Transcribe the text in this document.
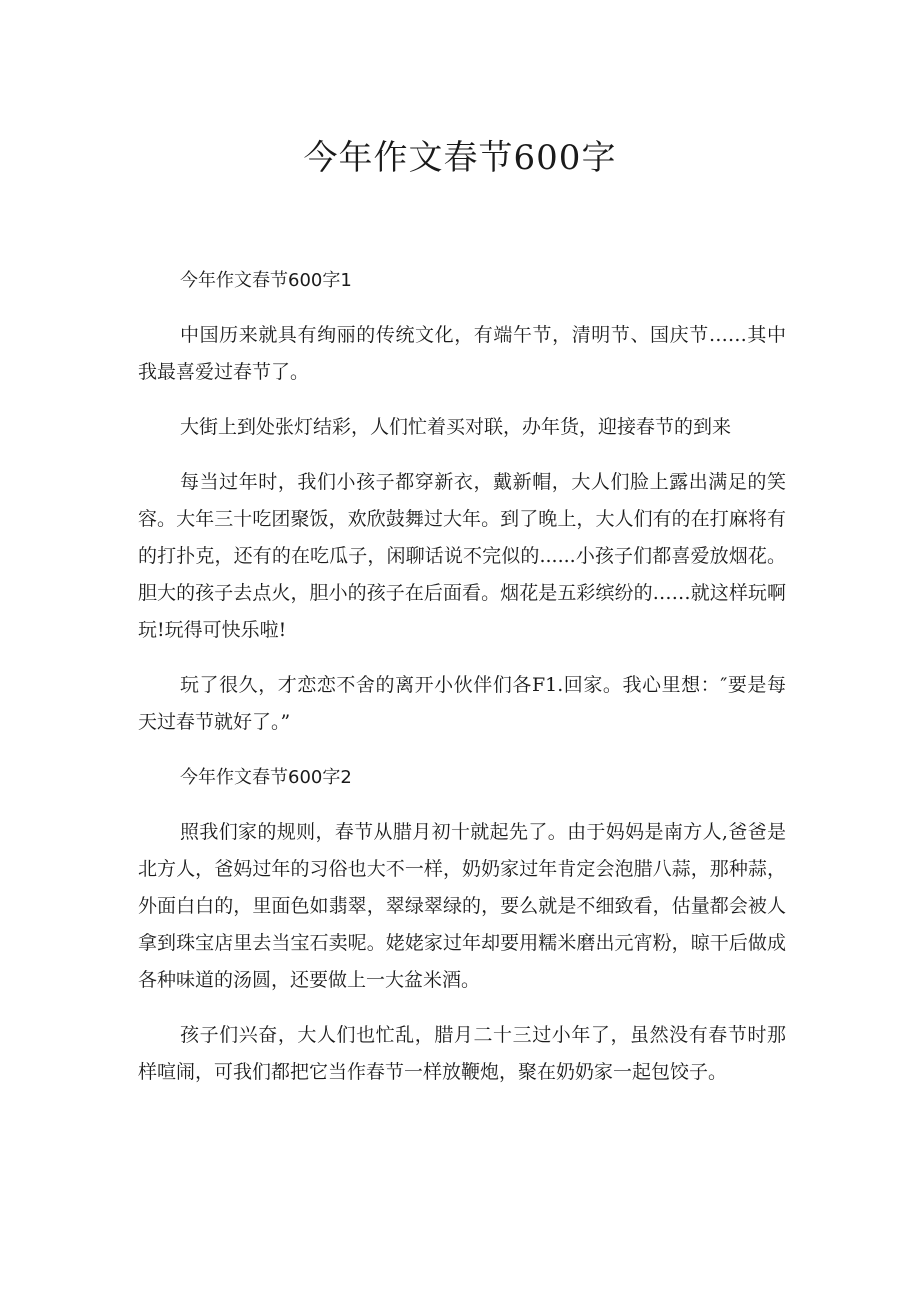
今年作文春节600字

今年作文春节600字1

中国历来就具有绚丽的传统文化，有端午节，清明节、国庆节……其中我最喜爱过春节了。

大街上到处张灯结彩，人们忙着买对联，办年货，迎接春节的到来

每当过年时，我们小孩子都穿新衣，戴新帽，大人们脸上露出满足的笑容。大年三十吃团聚饭，欢欣鼓舞过大年。到了晚上，大人们有的在打麻将有的打扑克，还有的在吃瓜子，闲聊话说不完似的......小孩子们都喜爱放烟花。胆大的孩子去点火，胆小的孩子在后面看。烟花是五彩缤纷的……就这样玩啊玩!玩得可快乐啦!

玩了很久，才恋恋不舍的离开小伙伴们各F1.回家。我心里想：″要是每天过春节就好了。”

今年作文春节600字2

照我们家的规则，春节从腊月初十就起先了。由于妈妈是南方人,爸爸是北方人，爸妈过年的习俗也大不一样，奶奶家过年肯定会泡腊八蒜，那种蒜，外面白白的，里面色如翡翠，翠绿翠绿的，要么就是不细致看，估量都会被人拿到珠宝店里去当宝石卖呢。姥姥家过年却要用糯米磨出元宵粉，晾干后做成各种味道的汤圆，还要做上一大盆米酒。

孩子们兴奋，大人们也忙乱，腊月二十三过小年了，虽然没有春节时那样喧闹，可我们都把它当作春节一样放鞭炮，聚在奶奶家一起包饺子。
